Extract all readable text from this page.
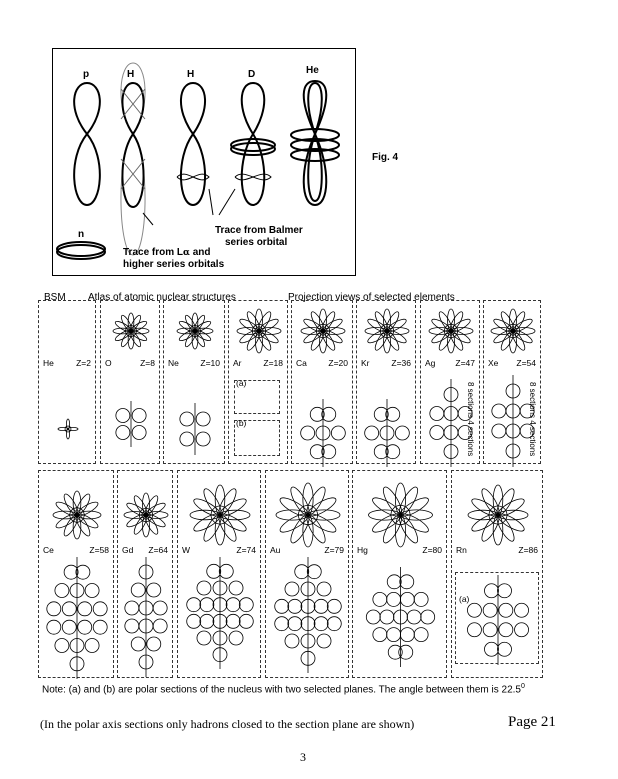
p	H	H	D	He
n	Trace from Balmer
series orbital
Trace from Lα and
higher series orbitals
Fig. 4
BSM Atlas of atomic nuclear structures	Projection views of selected elements
He	Z=2 O	Z=8 Ne	Z=10 Ar	Z=18 Ca	Z=20 Kr	Z=36 Ag Z=47 Xe Z=54
Ce	Z=58 Gd Z=64 W	Z=74 Au	Z=79 Hg	Z=80 Rn	Z=86
8 sections 4 sections	8 sections 4 sections
(a)
(b)
(a)
Note: (a) and (b) are polar sections of the nucleus with two selected planes. The angle between them is 22.5$^0$
(In the polar axis sections only hadrons closed to the section plane are shown)	Page 21
3
